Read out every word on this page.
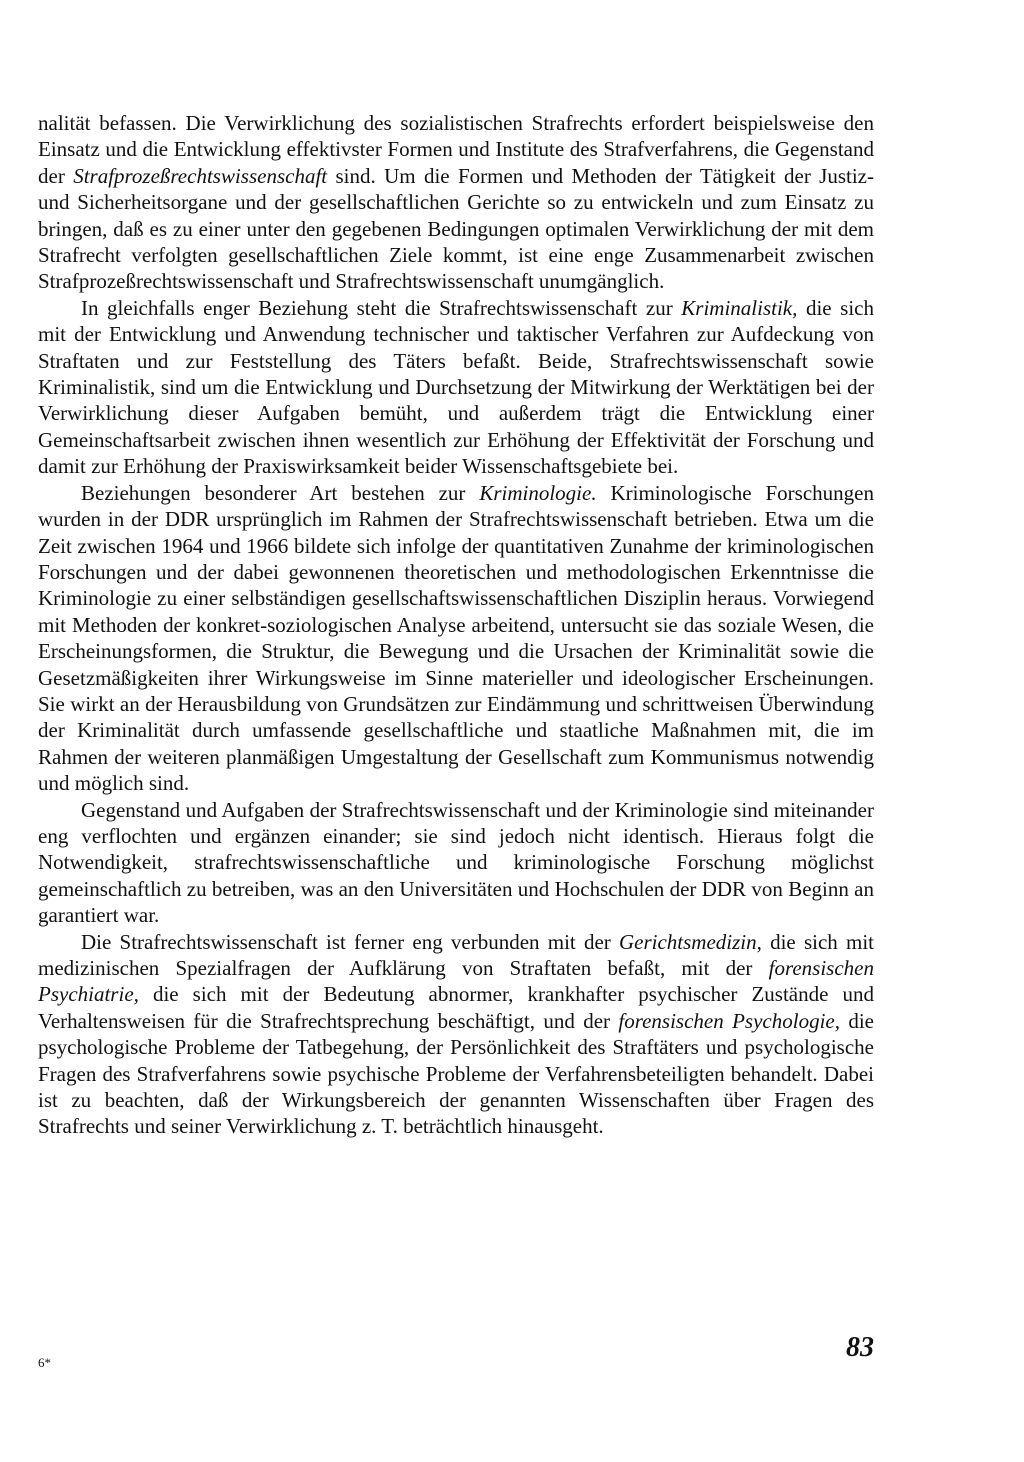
nalität befassen. Die Verwirklichung des sozialistischen Strafrechts erfordert beispielsweise den Einsatz und die Entwicklung effektivster Formen und Institute des Strafverfahrens, die Gegenstand der Strafprozeßrechtswissenschaft sind. Um die Formen und Methoden der Tätigkeit der Justiz- und Sicherheitsorgane und der gesellschaftlichen Gerichte so zu entwickeln und zum Einsatz zu bringen, daß es zu einer unter den gegebenen Bedingungen optimalen Verwirklichung der mit dem Strafrecht verfolgten gesellschaftlichen Ziele kommt, ist eine enge Zusammenarbeit zwischen Strafprozeßrechtswissenschaft und Strafrechtswissenschaft unumgänglich.

In gleichfalls enger Beziehung steht die Strafrechtswissenschaft zur Kriminalistik, die sich mit der Entwicklung und Anwendung technischer und taktischer Verfahren zur Aufdeckung von Straftaten und zur Feststellung des Täters befaßt. Beide, Strafrechtswissenschaft sowie Kriminalistik, sind um die Entwicklung und Durchsetzung der Mitwirkung der Werktätigen bei der Verwirklichung dieser Aufgaben bemüht, und außerdem trägt die Entwicklung einer Gemeinschaftsarbeit zwischen ihnen wesentlich zur Erhöhung der Effektivität der Forschung und damit zur Erhöhung der Praxiswirksamkeit beider Wissenschaftsgebiete bei.

Beziehungen besonderer Art bestehen zur Kriminologie. Kriminologische Forschungen wurden in der DDR ursprünglich im Rahmen der Strafrechtswissenschaft betrieben. Etwa um die Zeit zwischen 1964 und 1966 bildete sich infolge der quantitativen Zunahme der kriminologischen Forschungen und der dabei gewonnenen theoretischen und methodologischen Erkenntnisse die Kriminologie zu einer selbständigen gesellschaftswissenschaftlichen Disziplin heraus. Vorwiegend mit Methoden der konkret-soziologischen Analyse arbeitend, untersucht sie das soziale Wesen, die Erscheinungsformen, die Struktur, die Bewegung und die Ursachen der Kriminalität sowie die Gesetzmäßigkeiten ihrer Wirkungsweise im Sinne materieller und ideologischer Erscheinungen. Sie wirkt an der Herausbildung von Grundsätzen zur Eindämmung und schrittweisen Überwindung der Kriminalität durch umfassende gesellschaftliche und staatliche Maßnahmen mit, die im Rahmen der weiteren planmäßigen Umgestaltung der Gesellschaft zum Kommunismus notwendig und möglich sind.

Gegenstand und Aufgaben der Strafrechtswissenschaft und der Kriminologie sind miteinander eng verflochten und ergänzen einander; sie sind jedoch nicht identisch. Hieraus folgt die Notwendigkeit, strafrechtswissenschaftliche und kriminologische Forschung möglichst gemeinschaftlich zu betreiben, was an den Universitäten und Hochschulen der DDR von Beginn an garantiert war.

Die Strafrechtswissenschaft ist ferner eng verbunden mit der Gerichtsmedizin, die sich mit medizinischen Spezialfragen der Aufklärung von Straftaten befaßt, mit der forensischen Psychiatrie, die sich mit der Bedeutung abnormer, krankhafter psychischer Zustände und Verhaltensweisen für die Strafrechtsprechung beschäftigt, und der forensischen Psychologie, die psychologische Probleme der Tatbegehung, der Persönlichkeit des Straftäters und psychologische Fragen des Strafverfahrens sowie psychische Probleme der Verfahrensbeteiligten behandelt. Dabei ist zu beachten, daß der Wirkungsbereich der genannten Wissenschaften über Fragen des Strafrechts und seiner Verwirklichung z. T. beträchtlich hinausgeht.

6*	83
